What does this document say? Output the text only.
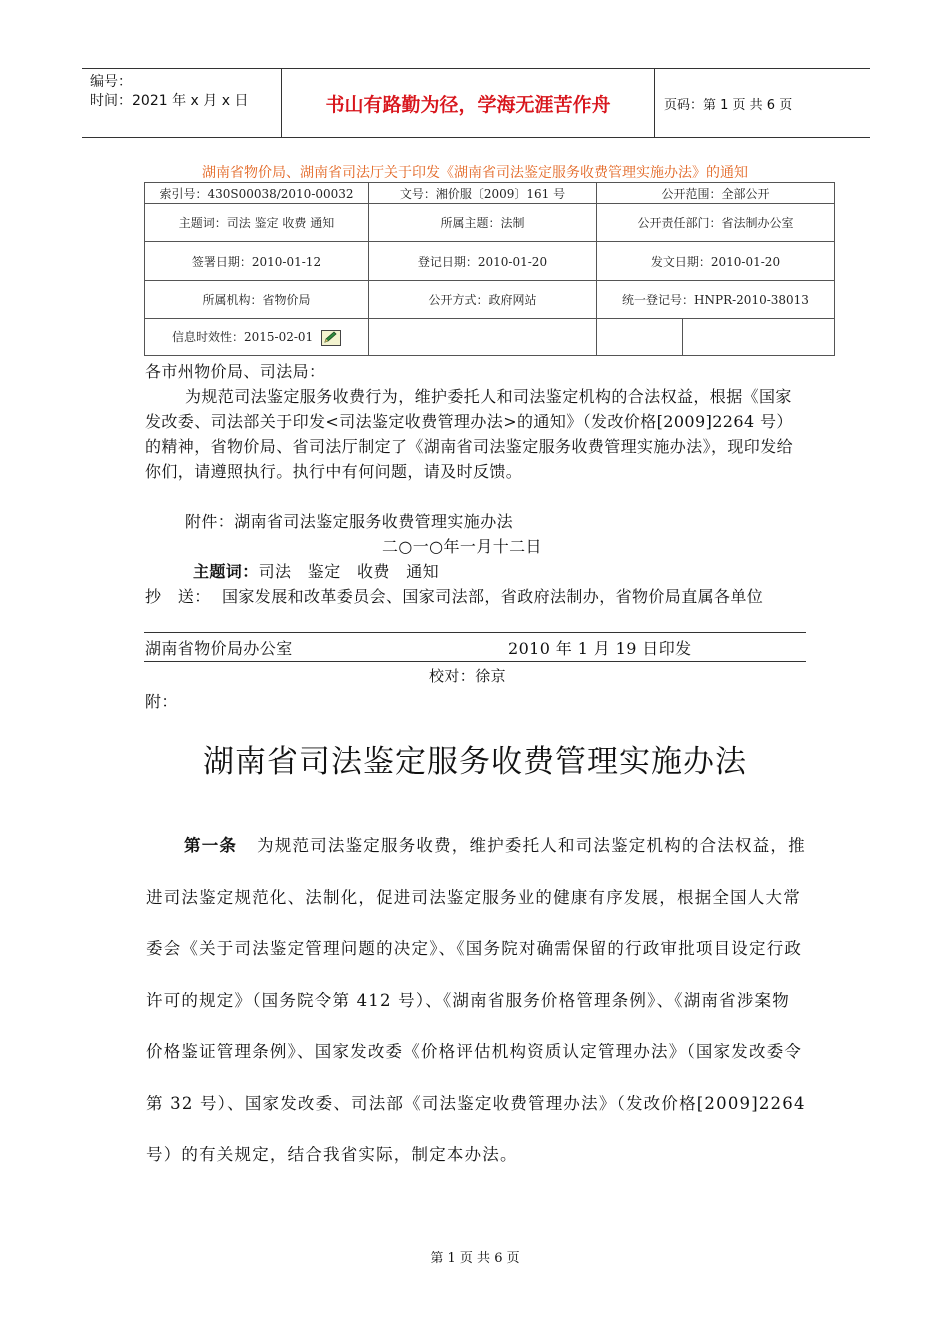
编号：
时间：2021 年 x 月 x 日	书山有路勤为径，学海无涯苦作舟	页码：第 1 页 共 6 页
湖南省物价局、湖南省司法厅关于印发《湖南省司法鉴定服务收费管理实施办法》的通知
索引号：430S00038/2010-00032	文号：湘价服〔2009〕161 号	公开范围：全部公开	
主题词：司法 鉴定 收费 通知	所属主题：法制	公开责任部门：省法制办公室	
签署日期：2010-01-12	登记日期：2010-01-20	发文日期：2010-01-20	
所属机构：省物价局	公开方式：政府网站	统一登记号：HNPR-2010-38013	
信息时效性：2015-02-01			
各市州物价局、司法局：
为规范司法鉴定服务收费行为，维护委托人和司法鉴定机构的合法权益，根据《国家发改委、司法部关于印发<司法鉴定收费管理办法>的通知》（发改价格[2009]2264 号）的精神，省物价局、省司法厅制定了《湖南省司法鉴定服务收费管理实施办法》，现印发给你们，请遵照执行。执行中有何问题，请及时反馈。
附件：湖南省司法鉴定服务收费管理实施办法
二○一○年一月十二日
主题词：司法　鉴定　收费　通知
抄　送： 国家发展和改革委员会、国家司法部，省政府法制办，省物价局直属各单位
湖南省物价局办公室	2010 年 1 月 19 日印发
校对：徐京
附：
湖南省司法鉴定服务收费管理实施办法
第一条 为规范司法鉴定服务收费，维护委托人和司法鉴定机构的合法权益，推进司法鉴定规范化、法制化，促进司法鉴定服务业的健康有序发展，根据全国人大常委会《关于司法鉴定管理问题的决定》、《国务院对确需保留的行政审批项目设定行政许可的规定》（国务院令第 412 号）、《湖南省服务价格管理条例》、《湖南省涉案物价格鉴证管理条例》、国家发改委《价格评估机构资质认定管理办法》（国家发改委令第 32 号）、国家发改委、司法部《司法鉴定收费管理办法》（发改价格[2009]2264 号）的有关规定，结合我省实际，制定本办法。
第 1 页 共 6 页
